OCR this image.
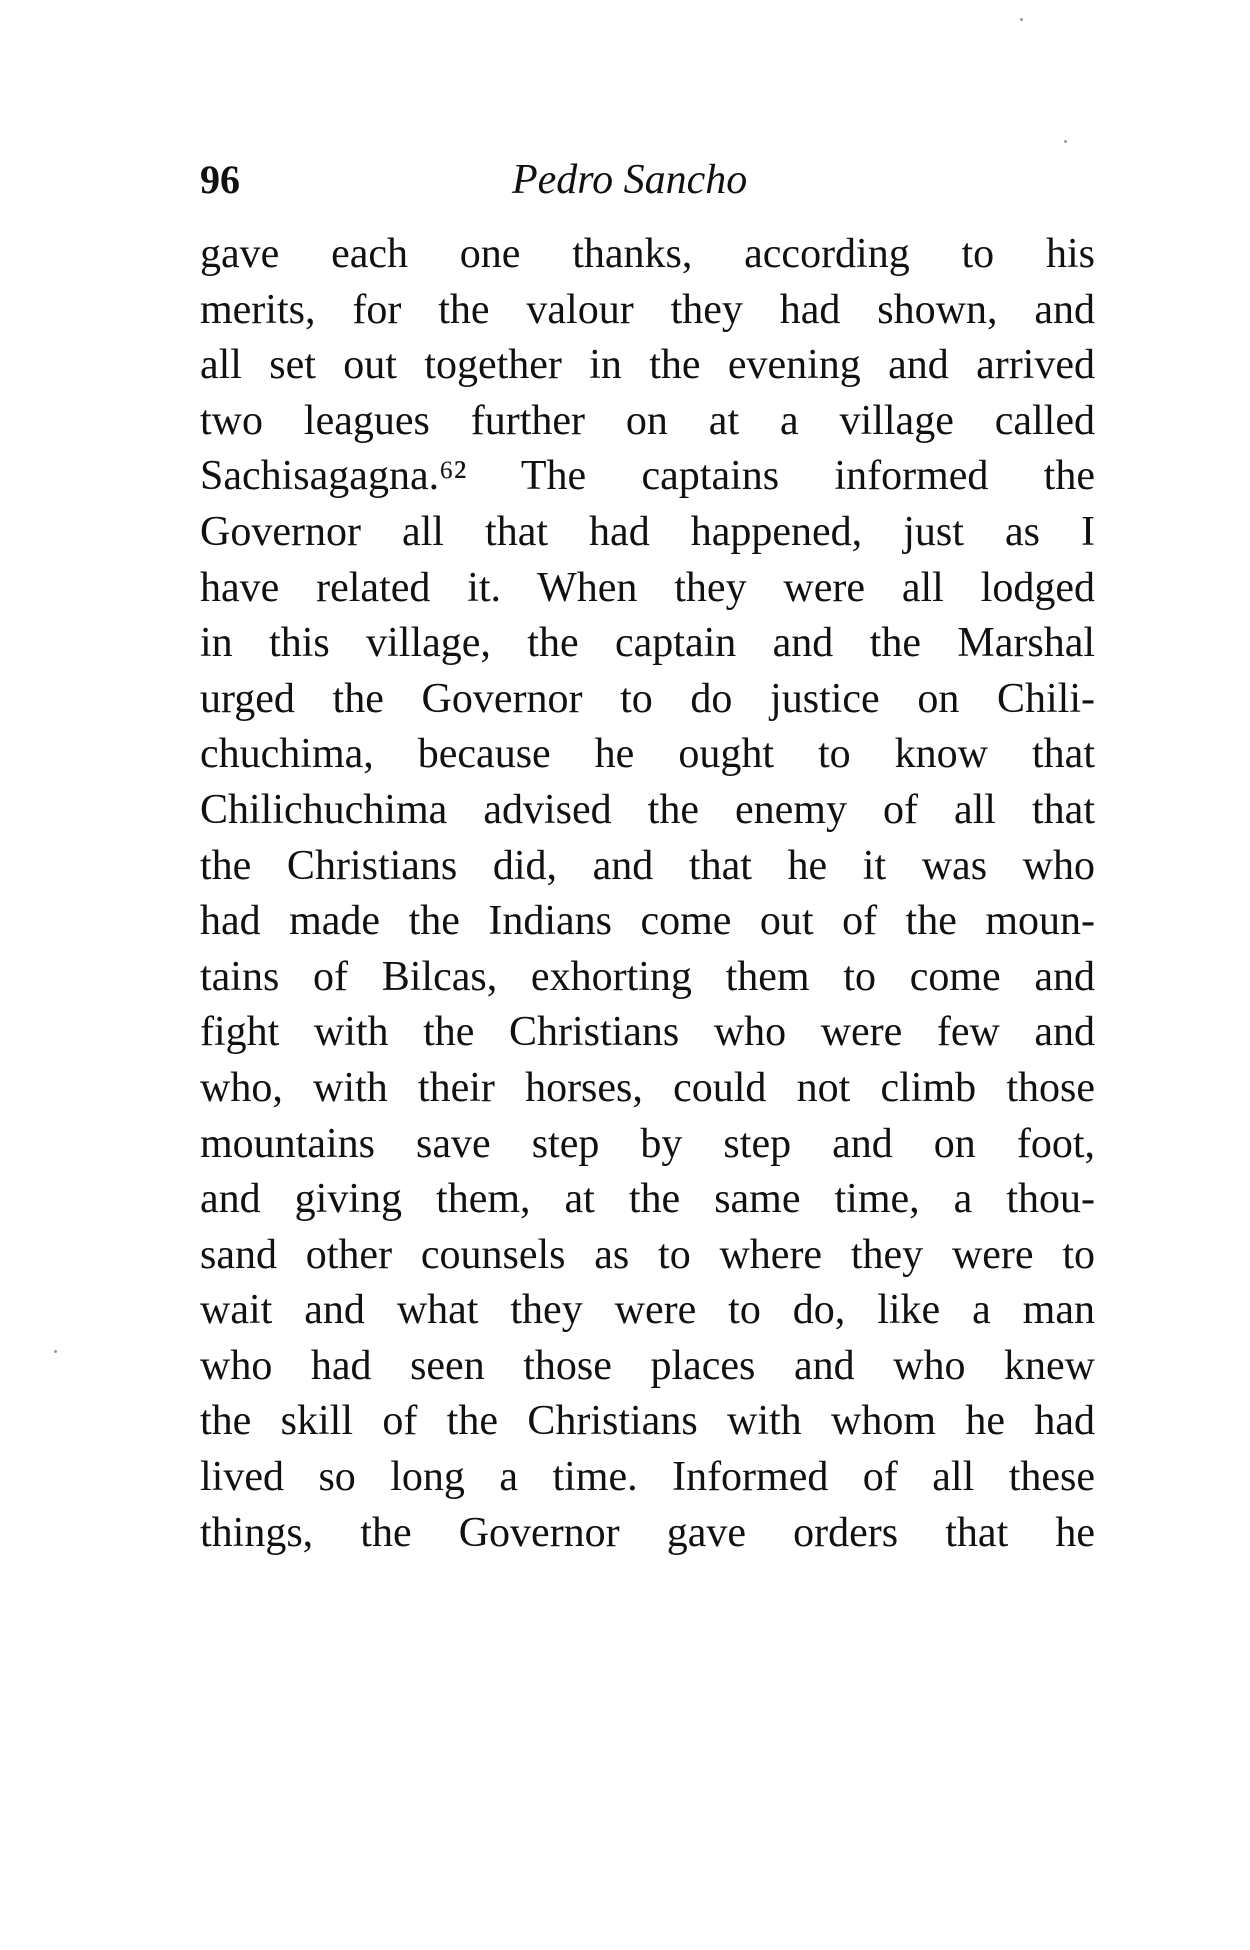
96	Pedro Sancho
gave each one thanks, according to his
merits, for the valour they had shown, and
all set out together in the evening and arrived
two leagues further on at a village called
Sachisagagna.⁶² The captains informed the
Governor all that had happened, just as I
have related it. When they were all lodged
in this village, the captain and the Marshal
urged the Governor to do justice on Chili-
chuchima, because he ought to know that
Chilichuchima advised the enemy of all that
the Christians did, and that he it was who
had made the Indians come out of the moun-
tains of Bilcas, exhorting them to come and
fight with the Christians who were few and
who, with their horses, could not climb those
mountains save step by step and on foot,
and giving them, at the same time, a thou-
sand other counsels as to where they were to
wait and what they were to do, like a man
who had seen those places and who knew
the skill of the Christians with whom he had
lived so long a time. Informed of all these
things, the Governor gave orders that he
